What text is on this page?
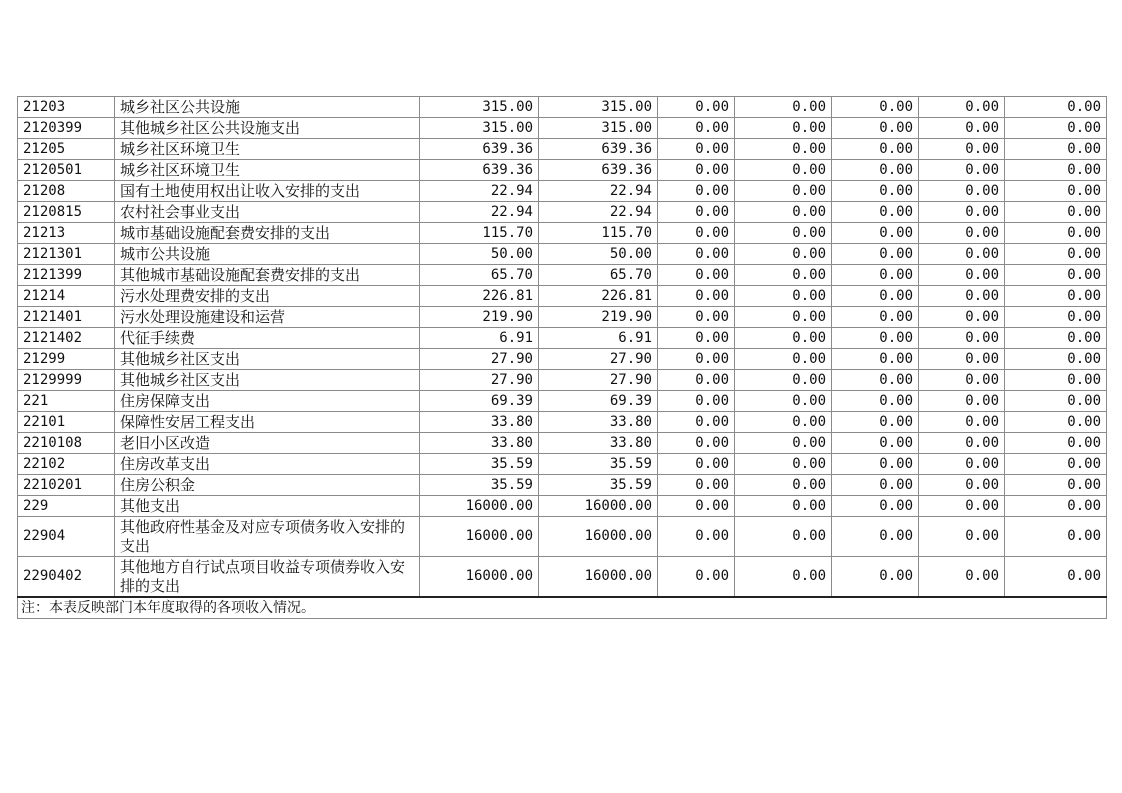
21203	城乡社区公共设施	315.00	315.00	0.00	0.00	0.00	0.00	0.00
2120399	其他城乡社区公共设施支出	315.00	315.00	0.00	0.00	0.00	0.00	0.00
21205	城乡社区环境卫生	639.36	639.36	0.00	0.00	0.00	0.00	0.00
2120501	城乡社区环境卫生	639.36	639.36	0.00	0.00	0.00	0.00	0.00
21208	国有土地使用权出让收入安排的支出	22.94	22.94	0.00	0.00	0.00	0.00	0.00
2120815	农村社会事业支出	22.94	22.94	0.00	0.00	0.00	0.00	0.00
21213	城市基础设施配套费安排的支出	115.70	115.70	0.00	0.00	0.00	0.00	0.00
2121301	城市公共设施	50.00	50.00	0.00	0.00	0.00	0.00	0.00
2121399	其他城市基础设施配套费安排的支出	65.70	65.70	0.00	0.00	0.00	0.00	0.00
21214	污水处理费安排的支出	226.81	226.81	0.00	0.00	0.00	0.00	0.00
2121401	污水处理设施建设和运营	219.90	219.90	0.00	0.00	0.00	0.00	0.00
2121402	代征手续费	6.91	6.91	0.00	0.00	0.00	0.00	0.00
21299	其他城乡社区支出	27.90	27.90	0.00	0.00	0.00	0.00	0.00
2129999	其他城乡社区支出	27.90	27.90	0.00	0.00	0.00	0.00	0.00
221	住房保障支出	69.39	69.39	0.00	0.00	0.00	0.00	0.00
22101	保障性安居工程支出	33.80	33.80	0.00	0.00	0.00	0.00	0.00
2210108	老旧小区改造	33.80	33.80	0.00	0.00	0.00	0.00	0.00
22102	住房改革支出	35.59	35.59	0.00	0.00	0.00	0.00	0.00
2210201	住房公积金	35.59	35.59	0.00	0.00	0.00	0.00	0.00
229	其他支出	16000.00	16000.00	0.00	0.00	0.00	0.00	0.00
22904	其他政府性基金及对应专项债务收入安排的支出	16000.00	16000.00	0.00	0.00	0.00	0.00	0.00
2290402	其他地方自行试点项目收益专项债券收入安排的支出	16000.00	16000.00	0.00	0.00	0.00	0.00	0.00
注：本表反映部门本年度取得的各项收入情况。								
